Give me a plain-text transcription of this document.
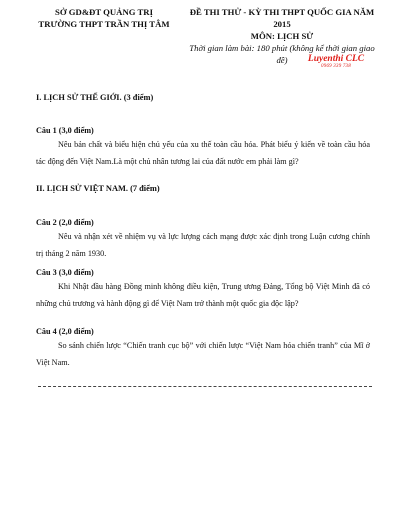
SỞ GD&ĐT QUẢNG TRỊ
TRƯỜNG THPT TRẦN THỊ TÂM
ĐỀ THI THỬ - KỲ THI THPT QUỐC GIA NĂM 2015
MÔN: LỊCH SỬ
Thời gian làm bài: 180 phút (không kể thời gian giao đề)	Luyenthi CLC
0969 339 738
I. LỊCH SỬ THẾ GIỚI. (3 điểm)
Câu 1 (3,0 điểm)
Nêu bản chất và biểu hiện chủ yếu của xu thế toàn cầu hóa. Phát biểu ý kiến về toàn cầu hóa tác động đến Việt Nam.Là một chủ nhân tương lai của đất nước em phải làm gì?
II. LỊCH SỬ VIỆT NAM. (7 điểm)
Câu 2 (2,0 điểm)
Nêu và nhận xét về nhiệm vụ và lực lượng cách mạng được xác định trong Luận cương chính trị tháng 2 năm 1930.
Câu 3 (3,0 điểm)
Khi Nhật đầu hàng Đồng minh không điều kiện, Trung ương Đảng, Tổng bộ Việt Minh đã có những chủ trương và hành động gì để Việt Nam trở thành một quốc gia độc lập?
Câu 4 (2,0 điểm)
So sánh chiến lược “Chiến tranh cục bộ” với chiến lược “Việt Nam hóa chiến tranh” của Mĩ ở Việt Nam.
